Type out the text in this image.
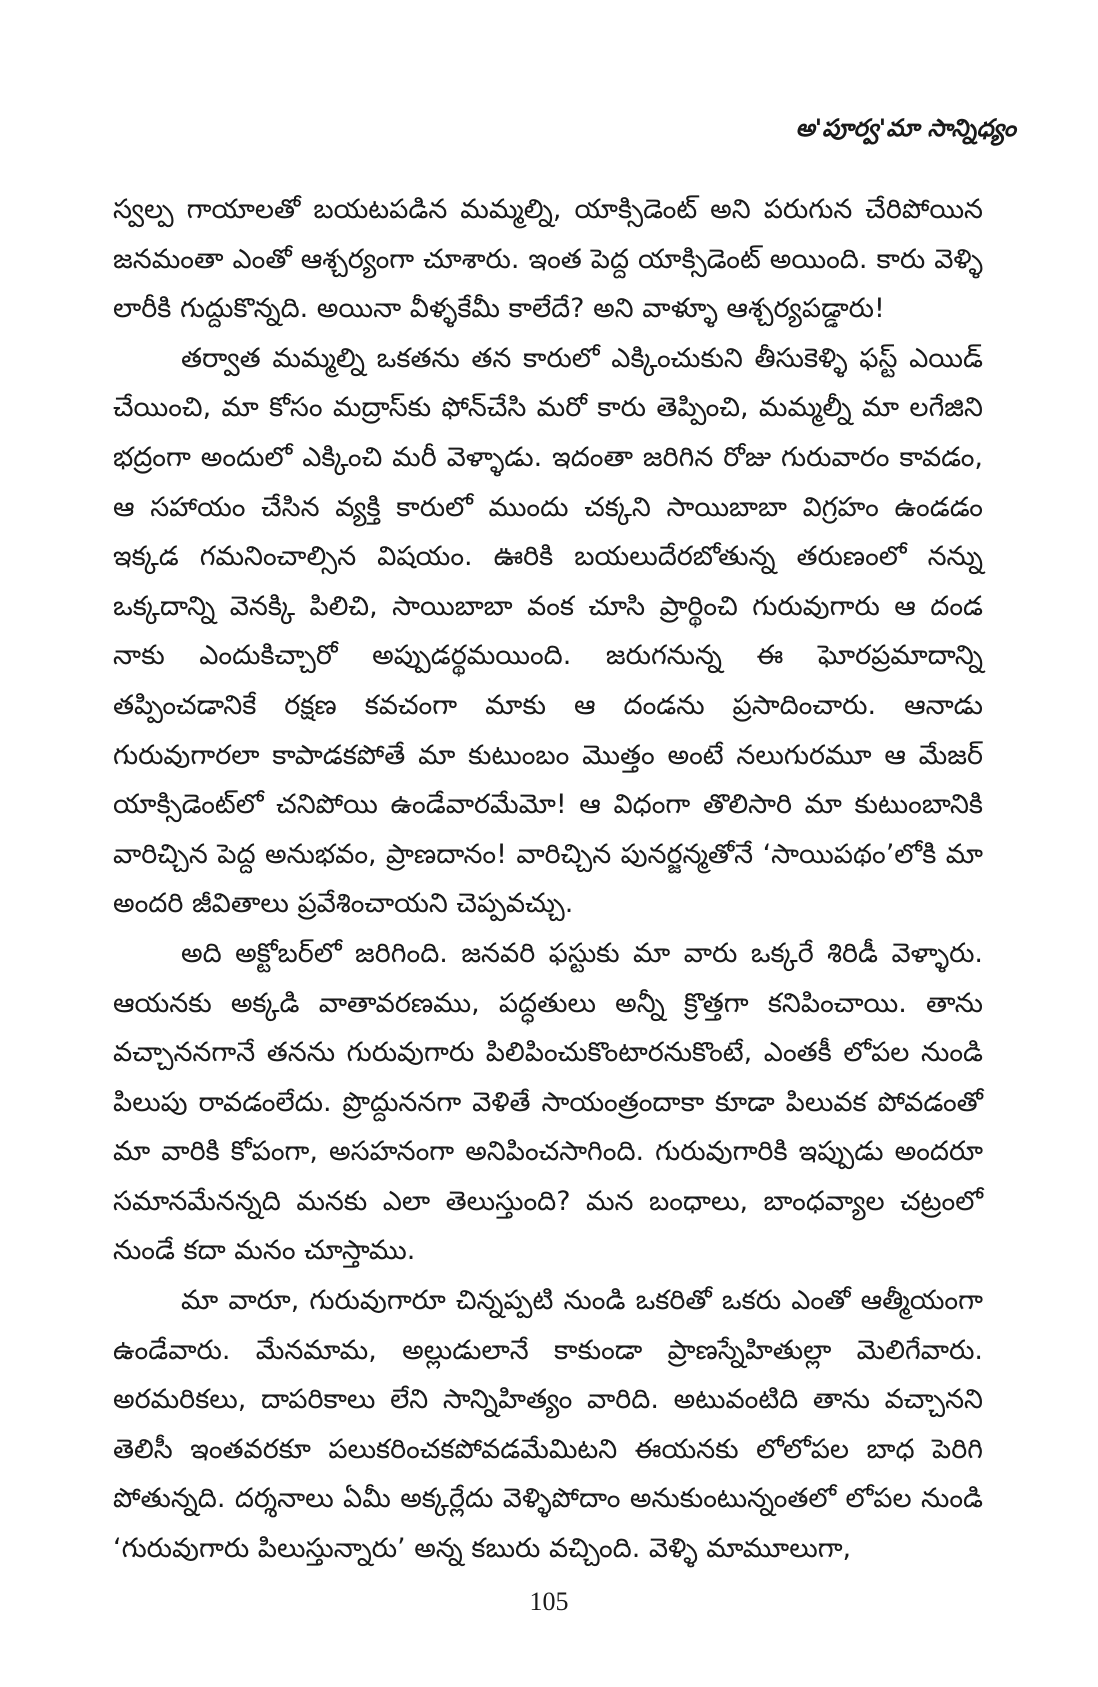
అ'పూర్వ'మా సాన్నిధ్యం

స్వల్ప గాయాలతో బయటపడిన మమ్మల్ని, యాక్సిడెంట్ అని పరుగున చేరిపోయిన జనమంతా ఎంతో ఆశ్చర్యంగా చూశారు. ఇంత పెద్ద యాక్సిడెంట్ అయింది. కారు వెళ్ళి లారీకి గుద్దుకొన్నది. అయినా వీళ్ళకేమీ కాలేదే? అని వాళ్ళూ ఆశ్చర్యపడ్డారు!

తర్వాత మమ్మల్ని ఒకతను తన కారులో ఎక్కించుకుని తీసుకెళ్ళి ఫస్ట్ ఎయిడ్ చేయించి, మా కోసం మద్రాస్‌కు ఫోన్‌చేసి మరో కారు తెప్పించి, మమ్మల్నీ మా లగేజిని భద్రంగా అందులో ఎక్కించి మరీ వెళ్ళాడు. ఇదంతా జరిగిన రోజు గురువారం కావడం, ఆ సహాయం చేసిన వ్యక్తి కారులో ముందు చక్కని సాయిబాబా విగ్రహం ఉండడం ఇక్కడ గమనించాల్సిన విషయం. ఊరికి బయలుదేరబోతున్న తరుణంలో నన్ను ఒక్కదాన్ని వెనక్కి పిలిచి, సాయిబాబా వంక చూసి ప్రార్థించి గురువుగారు ఆ దండ నాకు ఎందుకిచ్చారో అప్పుడర్థమయింది. జరుగనున్న ఈ ఘోరప్రమాదాన్ని తప్పించడానికే రక్షణ కవచంగా మాకు ఆ దండను ప్రసాదించారు. ఆనాడు గురువుగారలా కాపాడకపోతే మా కుటుంబం మొత్తం అంటే నలుగురమూ ఆ మేజర్ యాక్సిడెంట్‌లో చనిపోయి ఉండేవారమేమో! ఆ విధంగా తొలిసారి మా కుటుంబానికి వారిచ్చిన పెద్ద అనుభవం, ప్రాణదానం! వారిచ్చిన పునర్జన్మతోనే ‘సాయిపథం’లోకి మా అందరి జీవితాలు ప్రవేశించాయని చెప్పవచ్చు.

అది అక్టోబర్‌లో జరిగింది. జనవరి ఫస్టుకు మా వారు ఒక్కరే శిరిడీ వెళ్ళారు. ఆయనకు అక్కడి వాతావరణము, పద్ధతులు అన్నీ క్రొత్తగా కనిపించాయి. తాను వచ్చాననగానే తనను గురువుగారు పిలిపించుకొంటారనుకొంటే, ఎంతకీ లోపల నుండి పిలుపు రావడంలేదు. ప్రొద్దుననగా వెళితే సాయంత్రందాకా కూడా పిలువక పోవడంతో మా వారికి కోపంగా, అసహనంగా అనిపించసాగింది. గురువుగారికి ఇప్పుడు అందరూ సమానమేనన్నది మనకు ఎలా తెలుస్తుంది? మన బంధాలు, బాంధవ్యాల చట్రంలో నుండే కదా మనం చూస్తాము.

మా వారూ, గురువుగారూ చిన్నప్పటి నుండి ఒకరితో ఒకరు ఎంతో ఆత్మీయంగా ఉండేవారు. మేనమామ, అల్లుడులానే కాకుండా ప్రాణస్నేహితుల్లా మెలిగేవారు. అరమరికలు, దాపరికాలు లేని సాన్నిహిత్యం వారిది. అటువంటిది తాను వచ్చానని తెలిసీ ఇంతవరకూ పలుకరించకపోవడమేమిటని ఈయనకు లోలోపల బాధ పెరిగి పోతున్నది. దర్శనాలు ఏమీ అక్కర్లేదు వెళ్ళిపోదాం అనుకుంటున్నంతలో లోపల నుండి ‘గురువుగారు పిలుస్తున్నారు’ అన్న కబురు వచ్చింది. వెళ్ళి మామూలుగా,

105
